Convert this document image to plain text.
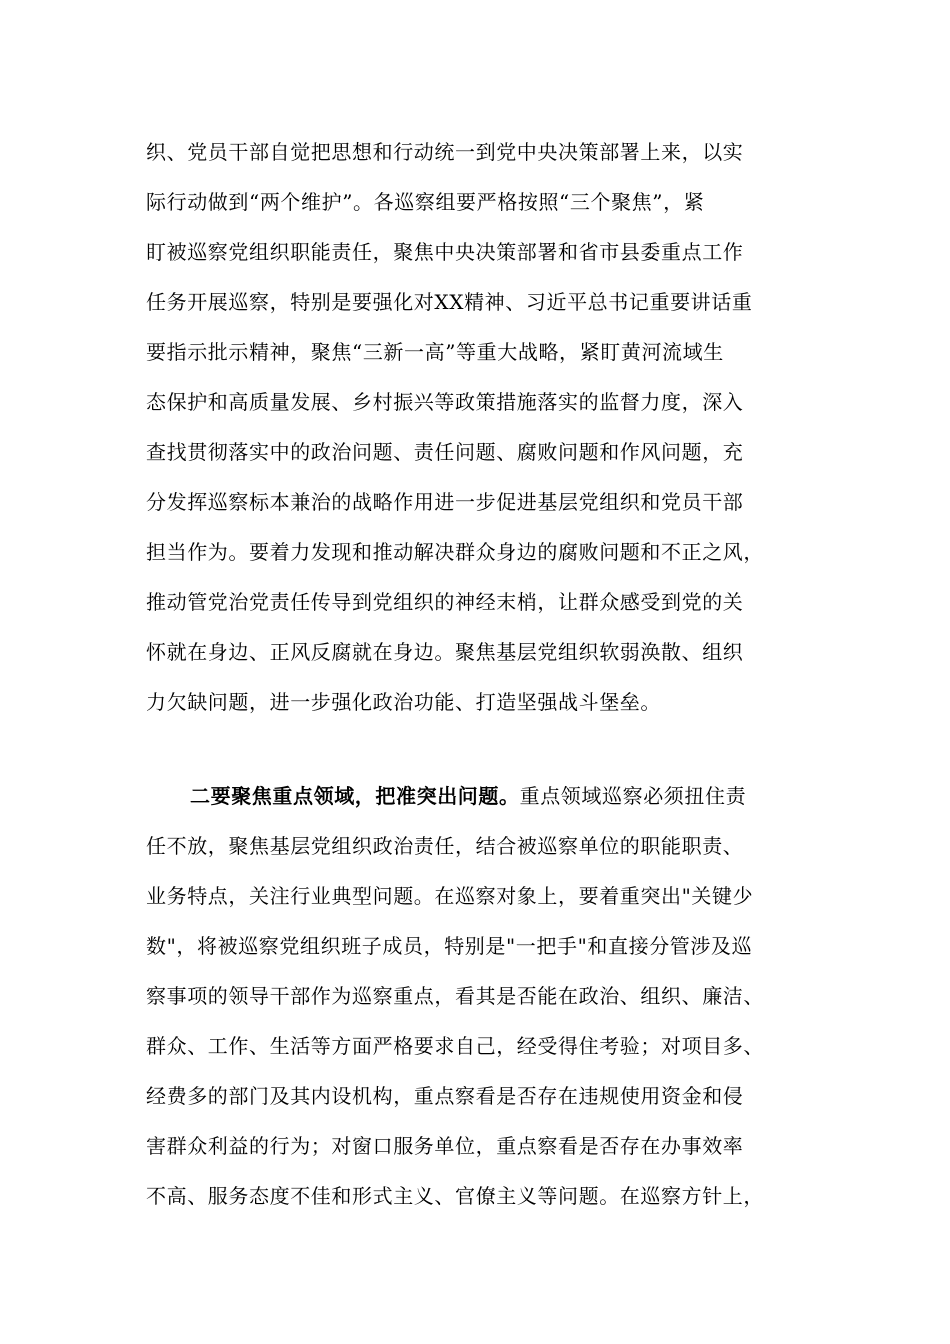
织、党员干部自觉把思想和行动统一到党中央决策部署上来，以实
际行动做到“两个维护”。各巡察组要严格按照“三个聚焦”，紧
盯被巡察党组织职能责任，聚焦中央决策部署和省市县委重点工作
任务开展巡察，特别是要强化对XX精神、习近平总书记重要讲话重
要指示批示精神，聚焦“三新一高”等重大战略，紧盯黄河流域生
态保护和高质量发展、乡村振兴等政策措施落实的监督力度，深入
查找贯彻落实中的政治问题、责任问题、腐败问题和作风问题，充
分发挥巡察标本兼治的战略作用进一步促进基层党组织和党员干部
担当作为。要着力发现和推动解决群众身边的腐败问题和不正之风，
推动管党治党责任传导到党组织的神经末梢，让群众感受到党的关
怀就在身边、正风反腐就在身边。聚焦基层党组织软弱涣散、组织
力欠缺问题，进一步强化政治功能、打造坚强战斗堡垒。
二要聚焦重点领域，把准突出问题。重点领域巡察必须扭住责
任不放，聚焦基层党组织政治责任，结合被巡察单位的职能职责、
业务特点，关注行业典型问题。在巡察对象上，要着重突出"关键少
数"，将被巡察党组织班子成员，特别是"一把手"和直接分管涉及巡
察事项的领导干部作为巡察重点，看其是否能在政治、组织、廉洁、
群众、工作、生活等方面严格要求自己，经受得住考验；对项目多、
经费多的部门及其内设机构，重点察看是否存在违规使用资金和侵
害群众利益的行为；对窗口服务单位，重点察看是否存在办事效率
不高、服务态度不佳和形式主义、官僚主义等问题。在巡察方针上，
